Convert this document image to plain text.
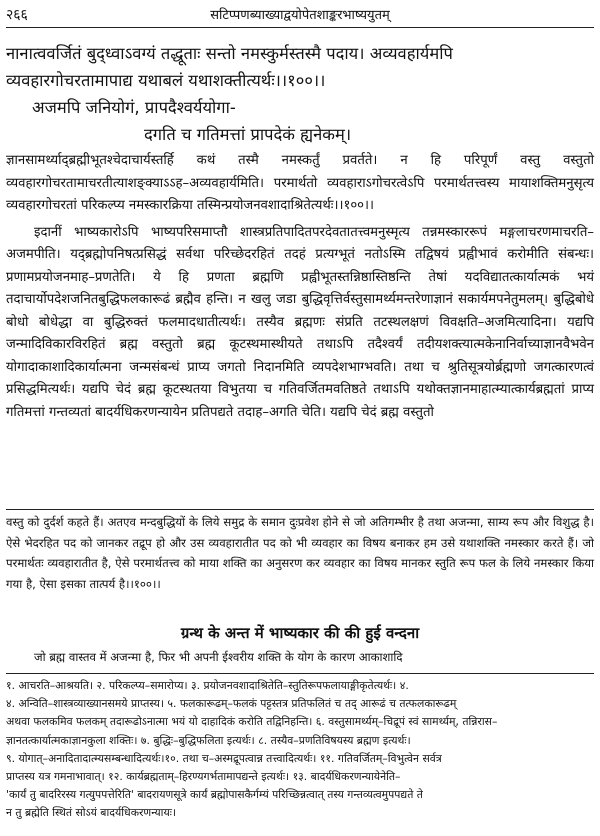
२६६	सटिप्पणब्याख्याद्वयोपेतशाङ्करभाष्ययुतम्
नानात्ववर्जितं बुद्ध्वाऽवग्यं तद्धूताः सन्तो नमस्कुर्मस्तस्मै पदाय। अव्यवहार्यमपि
व्यवहारगोचरतामापाद्य यथाबलं यथाशक्तीत्यर्थः।।१००।।
अजमपि जनियोगं, प्रापदैश्वर्ययोगा-
दगति च गतिमत्तां प्रापदेकं ह्यनेकम्।

ज्ञानसामर्थ्याद्ब्रह्मीभूतश्चेदाचार्यस्तर्हि कथं तस्मै नमस्कर्तुं प्रवर्तते। न हि परिपूर्णं वस्तु वस्तुतो व्यवहारगोचरतामाचरतीत्याशङ्क्याऽऽह–अव्यवहार्यमिति। परमार्थतो व्यवहाराऽगोचरत्वेऽपि परमार्थतत्त्वस्य मायाशक्तिमनुसृत्य व्यवहारगोचरतां परिकल्प्य नमस्कारक्रिया तस्मिन्प्रयोजनवशादाश्रितेत्यर्थः।।१००।।

इदानीं भाष्यकारोऽपि भाष्यपरिसमाप्तौ शास्त्रप्रतिपादितपरदेवतातत्त्वमनुस्मृत्य तन्नमस्काररूपं मङ्गलाचरणमाचरति–अजमपीति। यद्ब्रह्मोपनिषत्प्रसिद्धं सर्वथा परिच्छेदरहितं तदहं प्रत्यग्भूतं नतोऽस्मि तद्विषयं प्रह्वीभावं करोमीति संबन्धः। प्रणामप्रयोजनमाह–प्रणतेति। ये हि प्रणता ब्रह्मणि प्रह्वीभूतस्तन्निष्ठास्तिष्ठन्ति तेषां यदविद्यातत्कार्यात्मकं भयं तदाचार्योपदेशजनितबुद्धिफलकारूढं ब्रह्मैव हन्ति। न खलु जडा बुद्धिवृत्तिर्वस्तुसामर्थ्यमन्तरेणाज्ञानं सकार्यमपनेतुमलम्। बुद्धिबोधे बोधो बोधेद्धा वा बुद्धिरुक्तं फलमादधातीत्यर्थः। तस्यैव ब्रह्मणः संप्रति तटस्थलक्षणं विवक्षति–अजमित्यादिना। यद्यपि जन्मादिविकारविरहितं ब्रह्म वस्तुतो ब्रह्म कूटस्थमास्थीयते तथाऽपि तदैश्वर्यं तदीयशक्त्यात्मकेनानिर्वाच्याज्ञानवैभवेन योगादाकाशादिकार्यात्मना जन्मसंबन्धं प्राप्य जगतो निदानमिति व्यपदेशभाग्भवति। तथा च श्रुतिसूत्रयोर्ब्रह्मणो जगत्कारणत्वं प्रसिद्धमित्यर्थः। यद्यपि चेदं ब्रह्म कूटस्थतया विभुतया च गतिवर्जितमवतिष्ठते तथाऽपि यथोक्तज्ञानमाहात्म्यात्कार्यब्रह्मतां प्राप्य गतिमत्तां गन्तव्यतां बादर्यधिकरणन्यायेन प्रतिपद्यते तदाह–अगति चेति। यद्यपि चेदं ब्रह्म वस्तुतो

वस्तु को दुर्दर्श कहते हैं। अतएव मन्दबुद्धियों के लिये समुद्र के समान दुःप्रवेश होने से जो अतिगम्भीर है तथा अजन्मा, साम्य रूप और विशुद्ध है। ऐसे भेदरहित पद को जानकर तद्रूप हो और उस व्यवहारातीत पद को भी व्यवहार का विषय बनाकर हम उसे यथाशक्ति नमस्कार करते हैं। जो परमार्थतः व्यवहारातीत है, ऐसे परमार्थतत्त्व को माया शक्ति का अनुसरण कर व्यवहार का विषय मानकर स्तुति रूप फल के लिये नमस्कार किया गया है, ऐसा इसका तात्पर्य है।।१००।।

ग्रन्थ के अन्त में भाष्यकार की की हुई वन्दना

जो ब्रह्म वास्तव में अजन्मा है, फिर भी अपनी ईश्वरीय शक्ति के योग के कारण आकाशादि

१. आचरति–आश्रयति। २. परिकल्प्य–समारोप्य। ३. प्रयोजनवशादाश्रितेति–स्तुतिरूपफलायाङ्गीकृतेत्यर्थः। ४.

४. अन्विति–शास्त्रव्याख्यानसमये प्राप्तस्य। ५. फलकारूढम्–फलकं पट्टस्तत्र प्रतिफलितं च तद् आरूढं च तत्फलकारूढम्

अथवा फलकमिव फलकम् तदारूढोऽनात्मा भयं यो दाहादिकं करोति तद्विनिहन्ति। ६. वस्तुसामर्थ्यम्–चिद्रूपं स्वं सामर्थ्यम्, तन्निरास–

ज्ञानतत्कार्यात्मकाज्ञानकुला शक्तिः। ७. बुद्धिः–बुद्धिफलिता इत्यर्थः। ८. तस्यैव–प्रणतिविषयस्य ब्रह्मण इत्यर्थः।

९. योगात्–अनादितादात्म्यसम्बन्धादित्यर्थः।१०. तथा च–अस्मद्रूपत्वान्न तत्त्वादित्यर्थः। ११. गतिवर्जितम्–विभुत्वेन सर्वत्र

प्राप्तस्य यत्र गमनाभावात्। १२. कार्यब्रह्मताम्–हिरण्यगर्भतामापद्यन्ते इत्यर्थः। १३. बादर्यधिकरणन्यायेनेति–

'कार्यं तु बादरिरस्य गत्युपपत्तेरिति' बादरायणसूत्रे कार्यं ब्रह्मोपासकैर्गम्यं परिच्छिन्नत्वात् तस्य गन्तव्यत्वमुपपद्यते ते

न तु ब्रह्मेति स्थितं सोऽयं बादर्यधिकरणन्यायः।
